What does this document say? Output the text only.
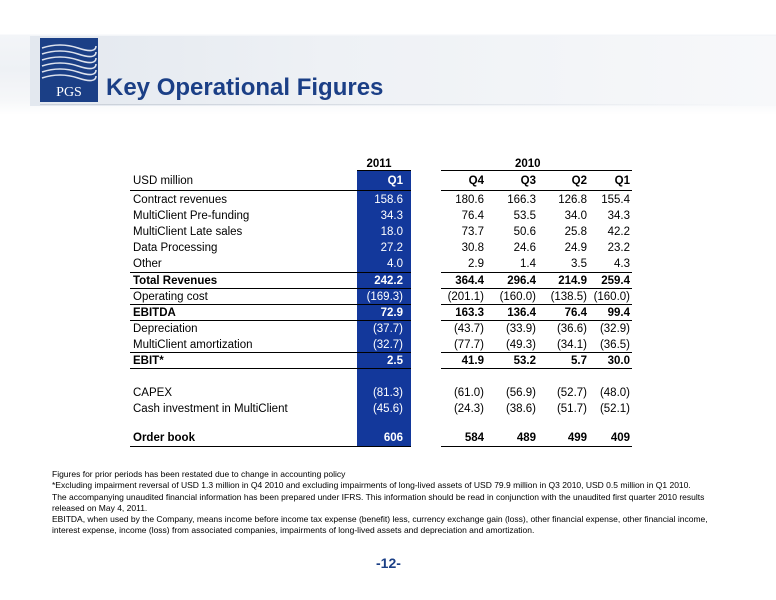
PGS Key Operational Figures
2011	2010
USD million	Q1	Q4	Q3	Q2	Q1
Contract revenues	158.6	180.6	166.3	126.8	155.4
MultiClient Pre-funding	34.3	76.4	53.5	34.0	34.3
MultiClient Late sales	18.0	73.7	50.6	25.8	42.2
Data Processing	27.2	30.8	24.6	24.9	23.2
Other	4.0	2.9	1.4	3.5	4.3
Total Revenues	242.2	364.4	296.4	214.9	259.4
Operating cost	(169.3)	(201.1)	(160.0)	(138.5) (160.0)
EBITDA	72.9	163.3	136.4	76.4	99.4
Depreciation	(37.7)	(43.7)	(33.9)	(36.6)	(32.9)
MultiClient amortization	(32.7)	(77.7)	(49.3)	(34.1)	(36.5)
EBIT*	2.5	41.9	53.2	5.7	30.0
CAPEX	(81.3)	(61.0)	(56.9)	(52.7)	(48.0)
Cash investment in MultiClient	(45.6)	(24.3)	(38.6)	(51.7)	(52.1)
Order book	606	584	489	499	409

Figures for prior periods has been restated due to change in accounting policy

*Excluding impairment reversal of USD 1.3 million in Q4 2010 and excluding impairments of long-lived assets of USD 79.9 million in Q3 2010, USD 0.5 million in Q1 2010.

The accompanying unaudited financial information has been prepared under IFRS. This information should be read in conjunction with the unaudited first quarter 2010 results released on May 4, 2011.

EBITDA, when used by the Company, means income before income tax expense (benefit) less, currency exchange gain (loss), other financial expense, other financial income, interest expense, income (loss) from associated companies, impairments of long-lived assets and depreciation and amortization.

-12-
